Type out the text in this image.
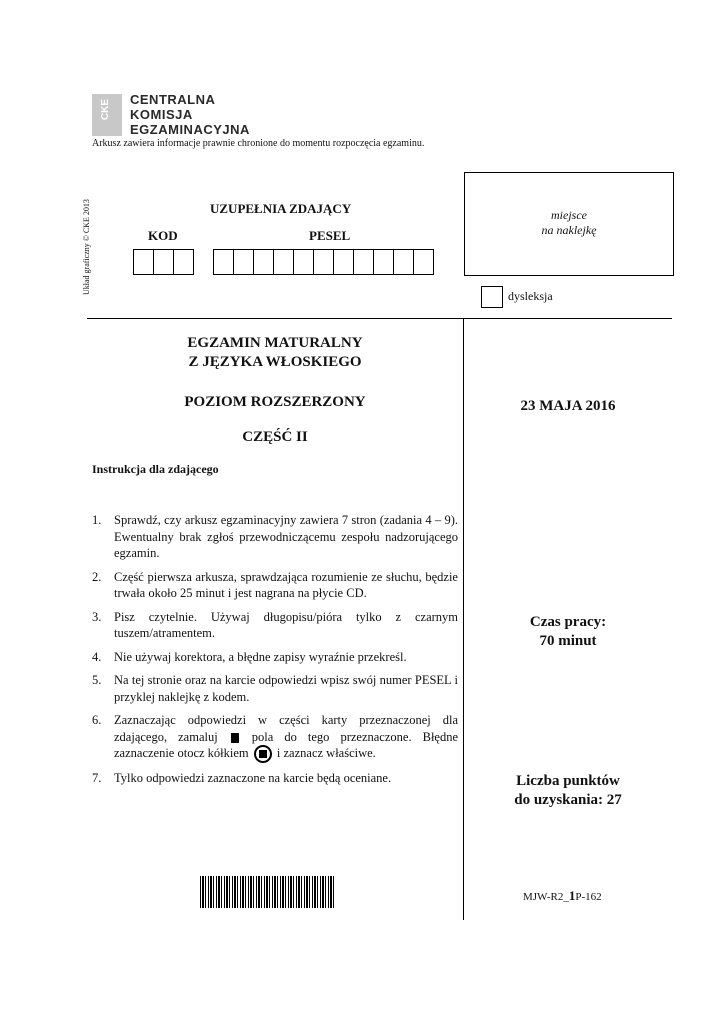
CKE CENTRALNA
KOMISJA
EGZAMINACYJNA
Arkusz zawiera informacje prawnie chronione do momentu rozpoczęcia egzaminu.
Układ graficzny © CKE 2013	UZUPEŁNIA ZDAJĄCY
KOD	PESEL
miejsce
na naklejkę
dysleksja
EGZAMIN MATURALNY
Z JĘZYKA WŁOSKIEGO
POZIOM ROZSZERZONY
CZĘŚĆ II
23 MAJA 2016
Instrukcja dla zdającego
1.	Sprawdź, czy arkusz egzaminacyjny zawiera 7 stron (zadania 4 – 9). Ewentualny brak zgłoś przewodniczącemu zespołu nadzorującego egzamin.
2.	Część pierwsza arkusza, sprawdzająca rozumienie ze słuchu, będzie trwała około 25 minut i jest nagrana na płycie CD.
3.	Pisz czytelnie. Używaj długopisu/pióra tylko z czarnym tuszem/atramentem.
4.	Nie używaj korektora, a błędne zapisy wyraźnie przekreśl.
5.	Na tej stronie oraz na karcie odpowiedzi wpisz swój numer PESEL i przyklej naklejkę z kodem.
6.	Zaznaczając odpowiedzi w części karty przeznaczonej dla zdającego, zamaluj	pola do tego przeznaczone. Błędne zaznaczenie otocz kółkiem i zaznacz właściwe.
7.	Tylko odpowiedzi zaznaczone na karcie będą oceniane.
Czas pracy:
70 minut
Liczba punktów
do uzyskania: 27
MJW-R2_1P-162
